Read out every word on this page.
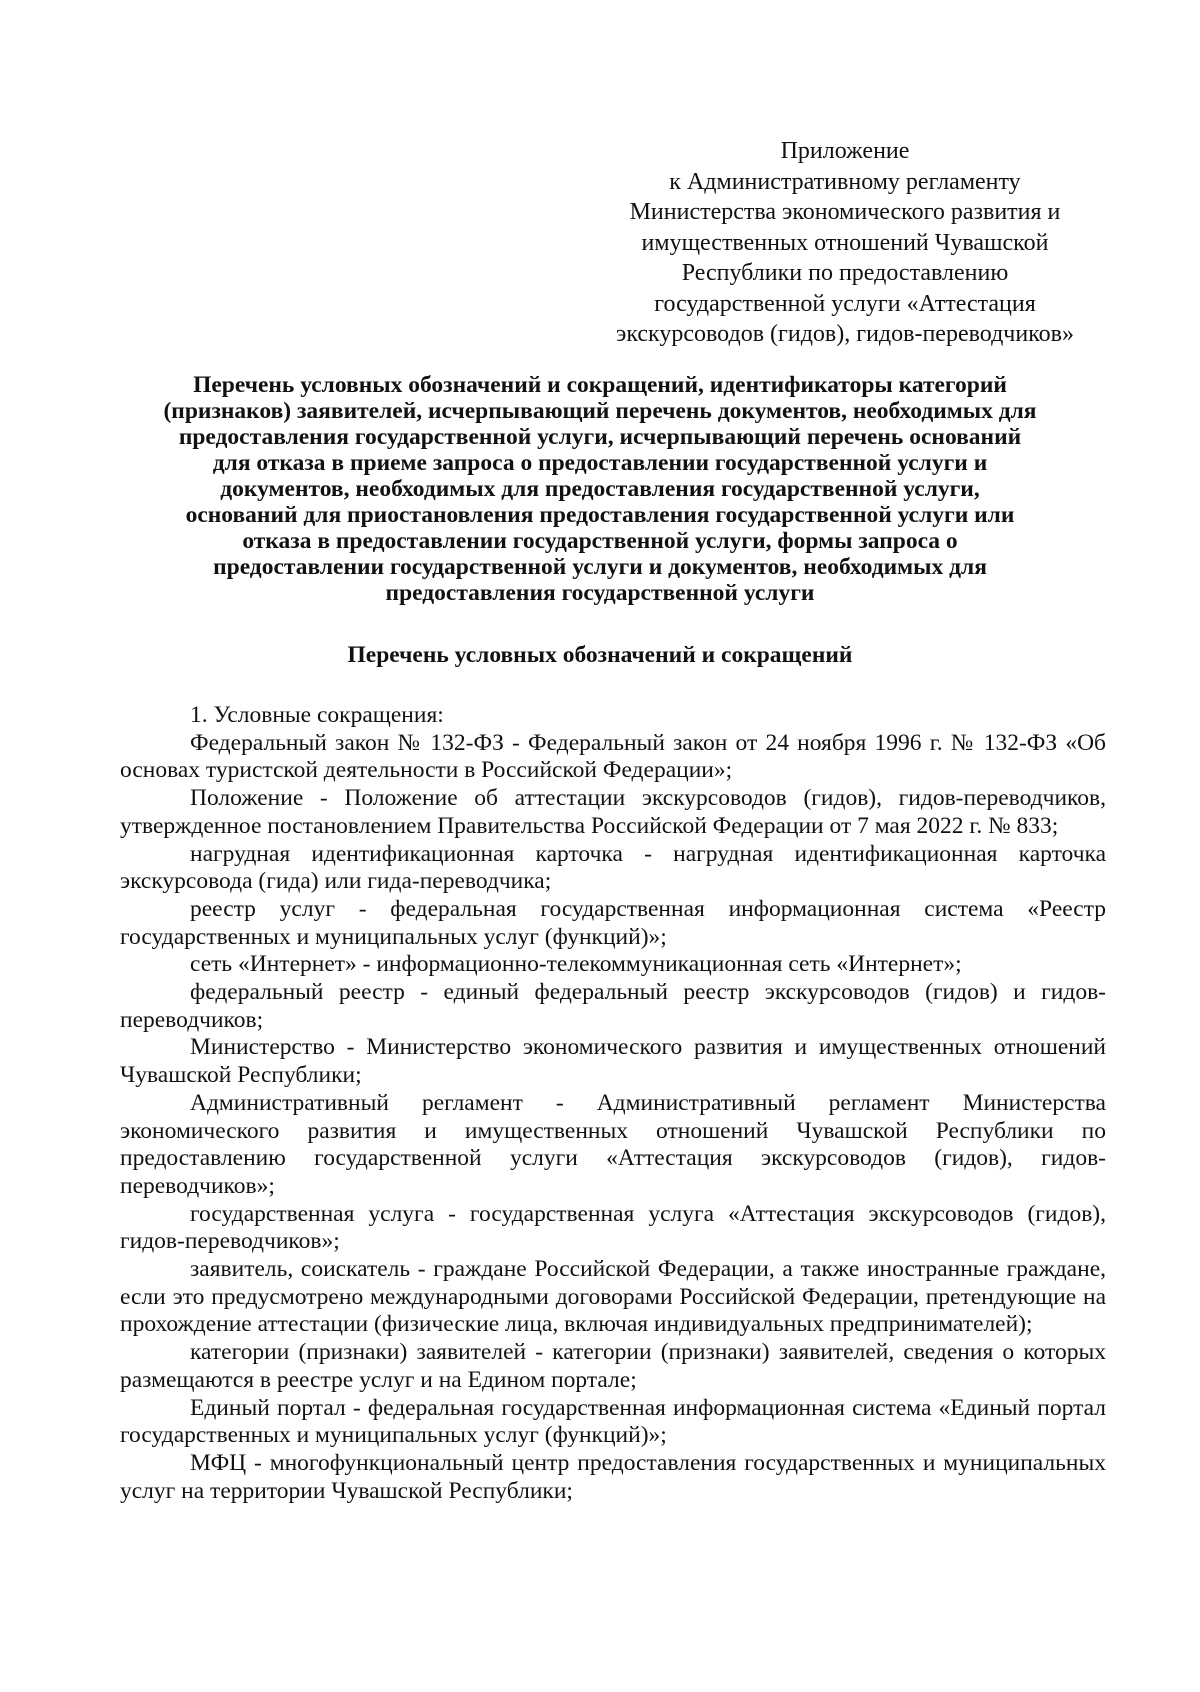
Приложение
к Административному регламенту
Министерства экономического развития и
имущественных отношений Чувашской
Республики по предоставлению
государственной услуги «Аттестация
экскурсоводов (гидов), гидов-переводчиков»
Перечень условных обозначений и сокращений, идентификаторы категорий
(признаков) заявителей, исчерпывающий перечень документов, необходимых для
предоставления государственной услуги, исчерпывающий перечень оснований
для отказа в приеме запроса о предоставлении государственной услуги и
документов, необходимых для предоставления государственной услуги,
оснований для приостановления предоставления государственной услуги или
отказа в предоставлении государственной услуги, формы запроса о
предоставлении государственной услуги и документов, необходимых для
предоставления государственной услуги
Перечень условных обозначений и сокращений
1. Условные сокращения:
Федеральный закон № 132-ФЗ - Федеральный закон от 24 ноября 1996 г. № 132-ФЗ «Об основах туристской деятельности в Российской Федерации»;
Положение - Положение об аттестации экскурсоводов (гидов), гидов-переводчиков, утвержденное постановлением Правительства Российской Федерации от 7 мая 2022 г. № 833;
нагрудная идентификационная карточка - нагрудная идентификационная карточка экскурсовода (гида) или гида-переводчика;
реестр услуг - федеральная государственная информационная система «Реестр государственных и муниципальных услуг (функций)»;
сеть «Интернет» - информационно-телекоммуникационная сеть «Интернет»;
федеральный реестр - единый федеральный реестр экскурсоводов (гидов) и гидов-переводчиков;
Министерство - Министерство экономического развития и имущественных отношений Чувашской Республики;
Административный регламент - Административный регламент Министерства экономического развития и имущественных отношений Чувашской Республики по предоставлению государственной услуги «Аттестация экскурсоводов (гидов), гидов-переводчиков»;
государственная услуга - государственная услуга «Аттестация экскурсоводов (гидов), гидов-переводчиков»;
заявитель, соискатель - граждане Российской Федерации, а также иностранные граждане, если это предусмотрено международными договорами Российской Федерации, претендующие на прохождение аттестации (физические лица, включая индивидуальных предпринимателей);
категории (признаки) заявителей - категории (признаки) заявителей, сведения о которых размещаются в реестре услуг и на Едином портале;
Единый портал - федеральная государственная информационная система «Единый портал государственных и муниципальных услуг (функций)»;
МФЦ - многофункциональный центр предоставления государственных и муниципальных услуг на территории Чувашской Республики;
